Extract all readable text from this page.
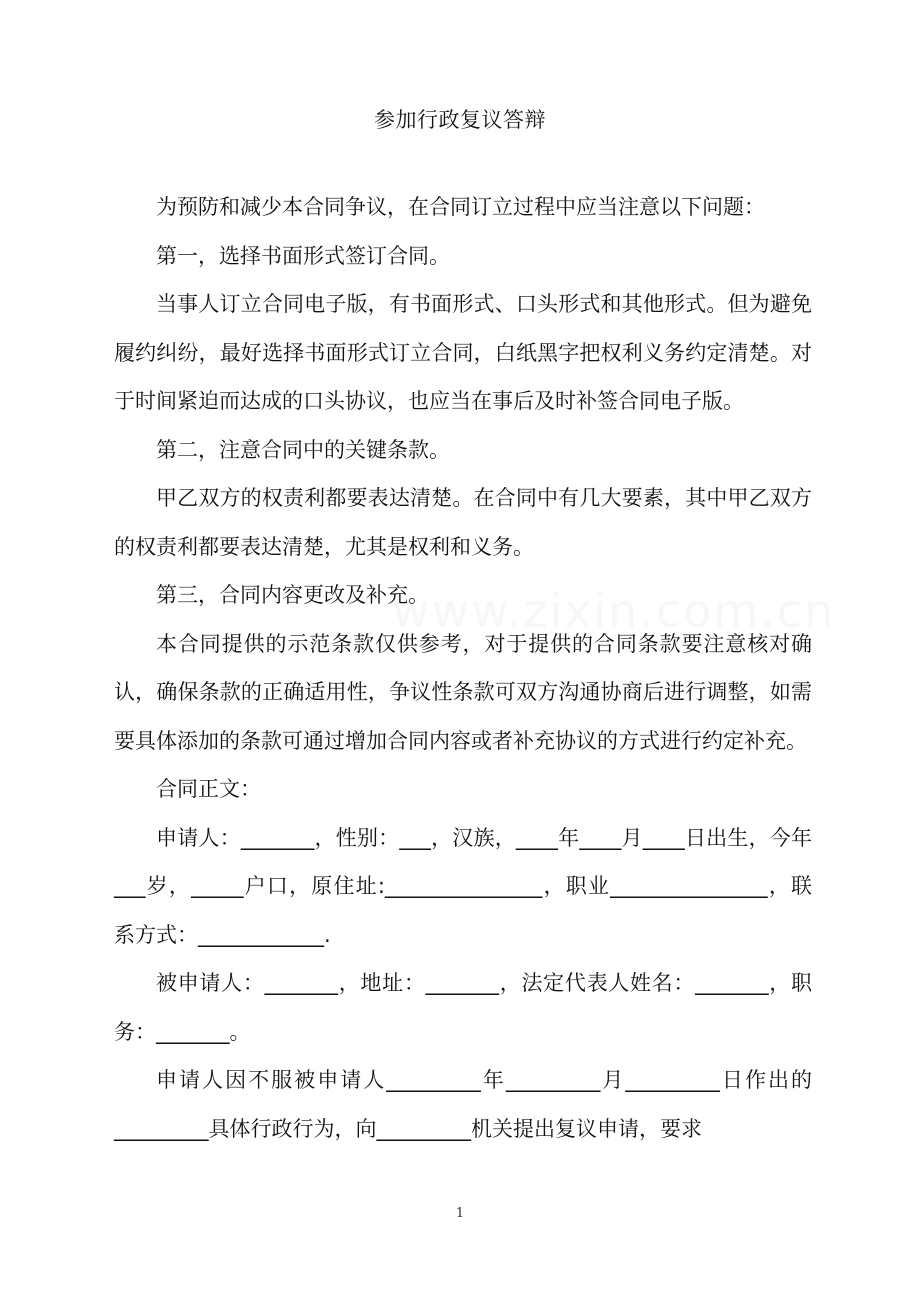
www.zixin.com.cn
参加行政复议答辩

为预防和减少本合同争议，在合同订立过程中应当注意以下问题：

第一，选择书面形式签订合同。

当事人订立合同电子版，有书面形式、口头形式和其他形式。但为避免履约纠纷，最好选择书面形式订立合同，白纸黑字把权利义务约定清楚。对于时间紧迫而达成的口头协议，也应当在事后及时补签合同电子版。

第二，注意合同中的关键条款。

甲乙双方的权责利都要表达清楚。在合同中有几大要素，其中甲乙双方的权责利都要表达清楚，尤其是权利和义务。

第三，合同内容更改及补充。

本合同提供的示范条款仅供参考，对于提供的合同条款要注意核对确认，确保条款的正确适用性，争议性条款可双方沟通协商后进行调整，如需要具体添加的条款可通过增加合同内容或者补充协议的方式进行约定补充。

合同正文：

申请人：_______，性别：___，汉族，____年____月____日出生，今年___岁，_____户口，原住址:_______________，职业_______________，联系方式：____________.

被申请人：_______，地址：_______，法定代表人姓名：_______，职务：_______。

申请人因不服被申请人_________年_________月_________日作出的_________具体行政行为，向_________机关提出复议申请，要求

1
